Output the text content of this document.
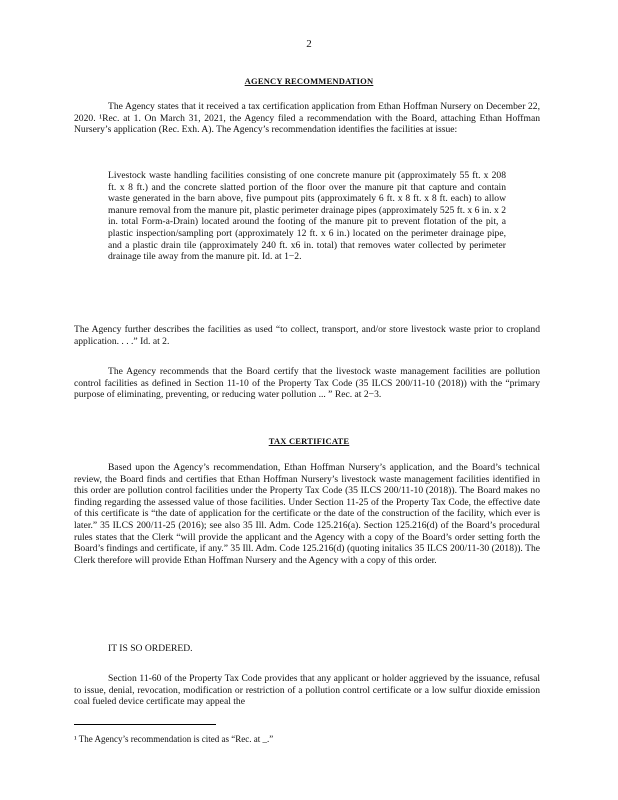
2
AGENCY RECOMMENDATION

The Agency states that it received a tax certification application from Ethan Hoffman Nursery on December 22, 2020. ¹Rec. at 1. On March 31, 2021, the Agency filed a recommendation with the Board, attaching Ethan Hoffman Nursery’s application (Rec. Exh. A). The Agency’s recommendation identifies the facilities at issue:

Livestock waste handling facilities consisting of one concrete manure pit (approximately 55 ft. x 208 ft. x 8 ft.) and the concrete slatted portion of the floor over the manure pit that capture and contain waste generated in the barn above, five pumpout pits (approximately 6 ft. x 8 ft. x 8 ft. each) to allow manure removal from the manure pit, plastic perimeter drainage pipes (approximately 525 ft. x 6 in. x 2 in. total Form-a-Drain) located around the footing of the manure pit to prevent flotation of the pit, a plastic inspection/sampling port (approximately 12 ft. x 6 in.) located on the perimeter drainage pipe, and a plastic drain tile (approximately 240 ft. x6 in. total) that removes water collected by perimeter drainage tile away from the manure pit. Id. at 1−2.

The Agency further describes the facilities as used “to collect, transport, and/or store livestock waste prior to cropland application. . . .” Id. at 2.

The Agency recommends that the Board certify that the livestock waste management facilities are pollution control facilities as defined in Section 11-10 of the Property Tax Code (35 ILCS 200/11-10 (2018)) with the “primary purpose of eliminating, preventing, or reducing water pollution ... ” Rec. at 2−3.

TAX CERTIFICATE

Based upon the Agency’s recommendation, Ethan Hoffman Nursery’s application, and the Board’s technical review, the Board finds and certifies that Ethan Hoffman Nursery’s livestock waste management facilities identified in this order are pollution control facilities under the Property Tax Code (35 ILCS 200/11-10 (2018)). The Board makes no finding regarding the assessed value of those facilities. Under Section 11-25 of the Property Tax Code, the effective date of this certificate is “the date of application for the certificate or the date of the construction of the facility, which ever is later.” 35 ILCS 200/11-25 (2016); see also 35 Ill. Adm. Code 125.216(a). Section 125.216(d) of the Board’s procedural rules states that the Clerk “will provide the applicant and the Agency with a copy of the Board’s order setting forth the Board’s findings and certificate, if any.” 35 Ill. Adm. Code 125.216(d) (quoting initalics 35 ILCS 200/11-30 (2018)). The Clerk therefore will provide Ethan Hoffman Nursery and the Agency with a copy of this order.

IT IS SO ORDERED.

Section 11-60 of the Property Tax Code provides that any applicant or holder aggrieved by the issuance, refusal to issue, denial, revocation, modification or restriction of a pollution control certificate or a low sulfur dioxide emission coal fueled device certificate may appeal the

¹ The Agency’s recommendation is cited as “Rec. at _.”
